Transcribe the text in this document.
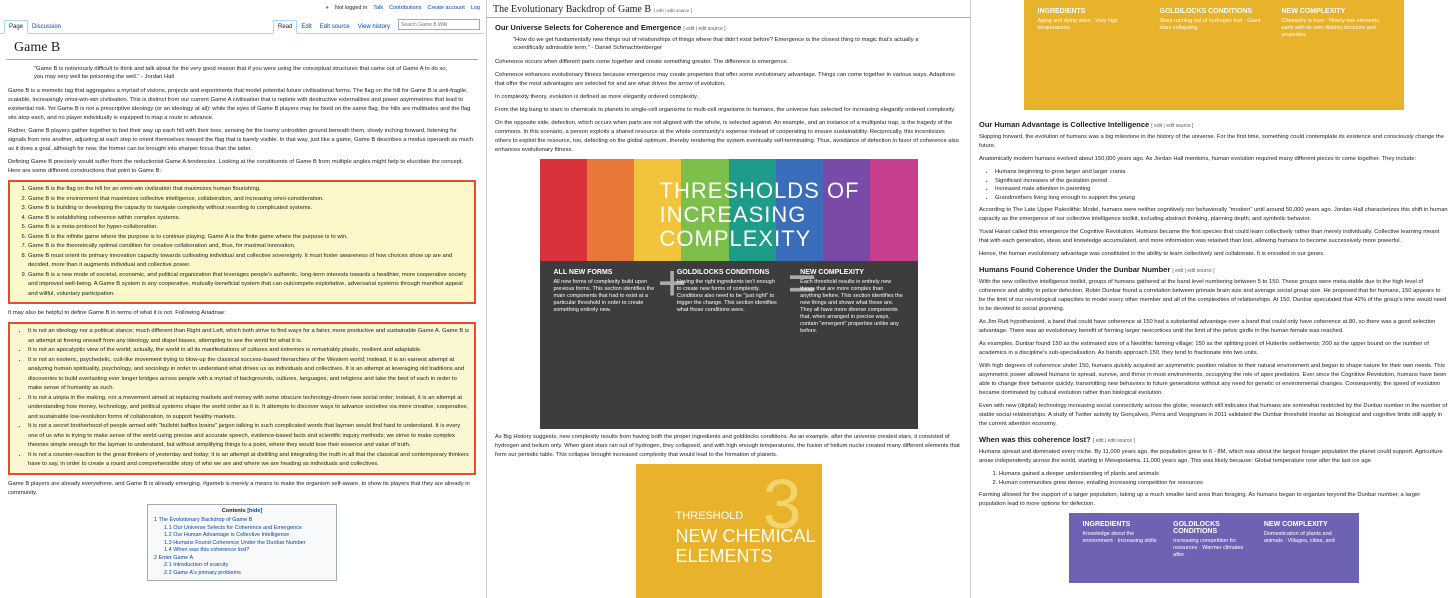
● Not logged in Talk Contributions Create account Log
Page	Discussion	Read	Edit	Edit source	View history
Search Game B Wiki
Game B

"Game B is notoriously difficult to think and talk about for the very good reason that if you were using the conceptual structures that came out of Game A to do so, you may very well be poisoning the well." - Jordan Hall

Game B is a memetic tag that aggregates a myriad of visions, projects and experiments that model potential future civilisational forms. The flag on the hill for Game B is anti-fragile, scalable, increasingly omni-win-win civilisation. This is distinct from our current Game A civilisation that is replete with destructive externalities and power asymmetries that lead to existential risk. Yet Game B is not a prescriptive ideology (or an ideology at all): while the eyes of Game B players may be fixed on the same flag, the hills are multitudes and the flag sits atop each, and no player individually is equipped to map a route in advance.

Rather, Game B players gather together to feel their way up each hill with their toes, sensing for the loamy untrodden ground beneath them, slowly inching forward, listening for signals from one another, adjusting at each step to orient themselves toward the flag that is barely visible. In that way, just like a game, Game B describes a modus operandi as much as it does a goal, although for now, the former can be brought into sharper focus than the latter.

Defining Game B precisely would suffer from the reductionist Game A tendencies. Looking at the constituents of Game B from multiple angles might help to elucidate the concept. Here are some different constructions that point to Game B:

1. Game B is the flag on the hill for an omni-win civilization that maximizes human flourishing.
2. Game B is the environment that maximizes collective intelligence, collaboration, and increasing omni-consideration.
3. Game B is building or developing the capacity to navigate complexity without resorting to complicated systems.
4. Game B is establishing coherence within complex systems.
5. Game B is a meta-protocol for hyper-collaboration.
6. Game B is the infinite game where the purpose is to continue playing. Game A is the finite game where the purpose is to win.
7. Game B is the theoretically optimal condition for creative collaboration and, thus, for maximal innovation.
8. Game B must orient its primary innovation capacity towards cultivating individual and collective sovereignty. It must foster awareness of how choices show up are and decided, more than it augments individual and collective power.
9. Game B is a new mode of societal, economic, and political organization that leverages people's authentic, long-term interests towards a healthier, more cooperative society and improved well-being. A Game B system is any cooperative, mutually-beneficial system that can outcompete exploitative, adversarial systems through manifest appeal and willful, voluntary participation.

It may also be helpful to define Game B in terms of what it is not. Following Ariadnae:

• It is not an ideology nor a political stance; much different than Right and Left, which both strive to find ways for a fairer, more productive and sustainable Game A. Game B is an attempt at freeing oneself from any ideology and dispel biases, attempting to see the world for what it is.
• It is not an apocalyptic view of the world; actually, the world in all its manifestations of cultures and extremes is remarkably plastic, resilient and adaptable.
• It is not an esoteric, psychedelic, cult-like movement trying to blow-up the classical success-based hierarchies of the Western world; instead, it is an earnest attempt at analyzing human spirituality, psychology, and sociology in order to understand what drives us as individuals and collectives. It is an attempt at leveraging old traditions and discoveries to build everlasting ever longer bridges across people with a myriad of backgrounds, cultures, languages, and religions and take the best of each in order to make sense of humanity as such.
• It is not a utopia in the making, nor a movement aimed at replacing markets and money with some obscure technology-driven new social order; instead, it is an attempt at understanding how money, technology, and political systems shape the world order as it is. It attempts to discover ways to advance societies via more creative, cooperative, and sustainable low-resolution forms of collaboration, to support healthy markets.
• It is not a secret brotherhood of people armed with "bullshit baffles brains" jargon talking in such complicated words that laymen would find hard to understand. It is every one of us who is trying to make sense of the world using precise and accurate speech, evidence-based facts and scientific inquiry methods; we strive to make complex theories simple enough for the layman to understand, but without simplifying things to a point, where they would lose their essence and value of truth.
• It is not a counter-reaction to the great thinkers of yesterday and today; it is an attempt at distilling and integrating the truth in all that the classical and contemporary thinkers have to say, in order to create a round and comprehensible story of who we are and where we are heading as individuals and collectives.

Game B players are already everywhere, and Game B is already emerging. #gameb is merely a means to make the organism self-aware, to show its players that they are already in community.

Contents [hide]
1 The Evolutionary Backdrop of Game B
1.1 Our Universe Selects for Coherence and Emergence
1.2 Our Human Advantage is Collective Intelligence
1.3 Humans Found Coherence Under the Dunbar Number
1.4 When was this coherence lost?
2 Enter Game A
2.1 Introduction of scarcity
2.2 Game A's primary problems
The Evolutionary Backdrop of Game B [ edit | edit source ]
Our Universe Selects for Coherence and Emergence [ edit | edit source ]

"How do we get fundamentally new things out of relationships of things where that didn't exist before? Emergence is the closest thing to magic that's actually a scientifically admissible term." - Daniel Schmachtenberger

Coherence occurs when different parts come together and create something greater. The difference is emergence.

Coherence enhances evolutionary fitness because emergence may create properties that offer some evolutionary advantage. Things can come together in various ways. Adaptions that offer the most advantages are selected for and are what drives the arrow of evolution.

In complexity theory, evolution is defined as more elegantly ordered complexity.

From the big bang to stars to chemicals to planets to single-cell organisms to multi-cell organisms to humans, the universe has selected for increasing elegantly ordered complexity.

On the opposite side, defection, which occurs when parts are not aligned with the whole, is selected against. An example, and an instance of a multipolar trap, is the tragedy of the commons. In this scenario, a person exploits a shared resource at the whole community's expense instead of cooperating to ensure sustainability. Reciprocally, this incentivizes others to exploit the resource, too, defecting on the global optimum, thereby rendering the system eventually self-terminating. Thus, avoidance of defection in favor of coherence also enhances evolutionary fitness.

THRESHOLDS OF INCREASING COMPLEXITY
+ =
ALL NEW FORMS
All new forms of complexity build upon previous forms. This section identifies the main components that had to exist at a particular threshold in order to create something entirely new.
GOLDILOCKS CONDITIONS
Having the right ingredients isn't enough to create new forms of complexity. Conditions also need to be "just right" to trigger the change. This section identifies what those conditions were.
NEW COMPLEXITY
Each threshold results in entirely new things that are more complex than anything before. This section identifies the new things and shows what those are. They all have more diverse components that, when arranged in precise ways, contain "emergent" properties unlike any before.

As Big History suggests, new complexity results from having both the proper ingredients and goldilocks conditions. As an example, after the universe created stars, it consisted of hydrogen and helium only. When giant stars ran out of hydrogen, they collapsed, and with high enough temperatures, the fusion of helium nuclei created many different elements that form our periodic table. This collapse brought increased complexity that would lead to the formation of planets.

3
THRESHOLD
NEW CHEMICAL ELEMENTS
INGREDIENTS
Aging and dying stars · Very high temperatures
GOLDILOCKS CONDITIONS
Stars running out of hydrogen fuel · Giant stars collapsing
NEW COMPLEXITY
Chemistry is born · Ninety-two elements, each with its own distinct structure and properties
Our Human Advantage is Collective Intelligence [ edit | edit source ]

Skipping forward, the evolution of humans was a big milestone in the history of the universe. For the first time, something could contemplate its existence and consciously change the future.

Anatomically modern humans evolved about 150,000 years ago. As Jordan Hall mentions, human evolution required many different pieces to come together. They include:

• Humans beginning to grow larger and larger crania
• Significant increases of the gestation period
• Increased male attention in parenting
• Grandmothers living long enough to support the young

According to The Late Upper Paleolithic Model, humans were neither cognitively nor behaviorally "modern" until around 50,000 years ago. Jordan Hall characterizes this shift in human capacity as the emergence of our collective intelligence toolkit, including abstract thinking, planning depth, and symbolic behavior.

Yuval Harari called this emergence the Cognitive Revolution. Humans became the first species that could learn collectively rather than merely individually. Collective learning meant that with each generation, ideas and knowledge accumulated, and more information was retained than lost, allowing humans to become successively more powerful.

Hence, the human evolutionary advantage was constituted in the ability to learn collectively and collaborate. It is encoded in our genes.

Humans Found Coherence Under the Dunbar Number [ edit | edit source ]

With the new collective intelligence toolkit, groups of humans gathered at the band level numbering between 5 to 150. These groups were meta-stable due to the high level of coherence and ability to police defection. Robin Dunbar found a correlation between primate brain size and average social group size. He proposed that for humans, 150 appears to be the limit of our neurological capacities to model every other member and all of the complexities of relationships. At 150, Dunbar speculated that 42% of the group's time would need to be devoted to social grooming.

As Jim Rutt hypothesized, a band that could have coherence at 150 had a substantial advantage over a band that could only have coherence at 80, so there was a good selection advantage. There was an evolutionary benefit of forming larger neocortices until the limit of the pelvic girdle in the human female was reached.

As examples, Dunbar found 150 as the estimated size of a Neolithic farming village; 150 as the splitting point of Hutterite settlements; 200 as the upper bound on the number of academics in a discipline's sub-specialisation. As bands approach 150, they tend to fractionate into two units.

With high degrees of coherence under 150, humans quickly acquired an asymmetric position relative to their natural environment and began to shape nature for their own needs. This asymmetric power allowed humans to spread, survive, and thrive in most environments, occupying the role of apex predators. Ever since the Cognitive Revolution, humans have been able to change their behavior quickly, transmitting new behaviors to future generations without any need for genetic or environmental changes. Consequently, the speed of evolution became dominated by cultural evolution rather than biological evolution.

Even with new (digital) technology increasing social connectivity across the globe, research still indicates that humans are somewhat restricted by the Dunbar number in the number of stable social relationships. A study of Twitter activity by Gonçalves, Perra and Vespignani in 2011 validated the Dunbar threshold insofar as biological and cognitive limits still apply in the current attention economy.

When was this coherence lost? [ edit | edit source ]

Humans spread and dominated every niche. By 11,000 years ago, the population grew to 6 - 8M, which was about the largest forager population the planet could support. Agriculture arose independently across the world, starting in Mesopotamia, 11,000 years ago. This was likely because: Global temperature rose after the last ice age

1. Humans gained a deeper understanding of plants and animals
2. Human communities grew dense, entailing increasing competition for resources

Farming allowed for the support of a larger population, taking up a much smaller land area than foraging. As humans began to organize beyond the Dunbar number, a larger population lead to more options for defection.

INGREDIENTS
Knowledge about the environment · Increasing skills
GOLDILOCKS CONDITIONS
Increasing competition for resources · Warmer climates after
NEW COMPLEXITY
Domestication of plants and animals · Villages, cities, and
